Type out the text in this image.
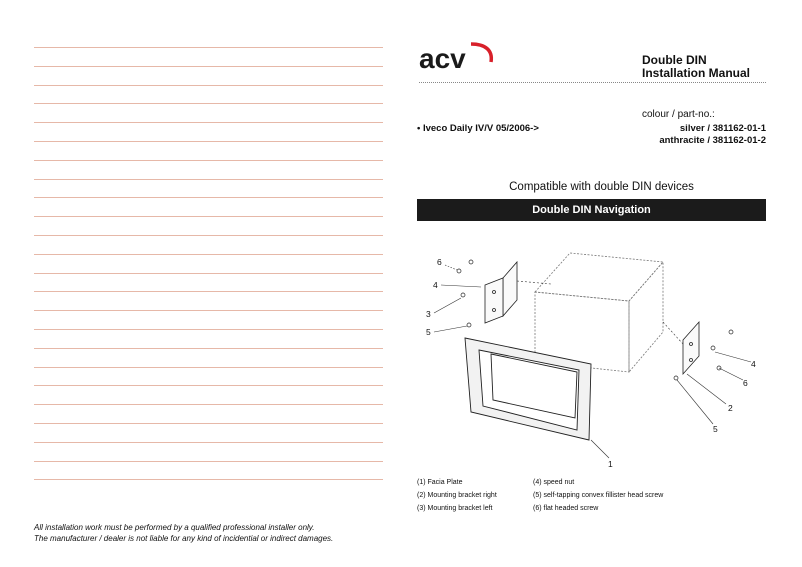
All installation work must be performed by a qualified professional installer only.
The manufacturer / dealer is not liable for any kind of incidential or indirect damages.
acv	Double DIN
Installation Manual
colour / part-no.:
• Iveco Daily IV/V 05/2006->	silver / 381162-01-1
anthracite / 381162-01-2
Compatible with double DIN devices
Double DIN Navigation
6
4
3
5
4
6
2
5
1
(1) Facia Plate
(2) Mounting bracket right
(3) Mounting bracket left
(4) speed nut
(5) self-tapping convex fillister head screw
(6) flat headed screw
